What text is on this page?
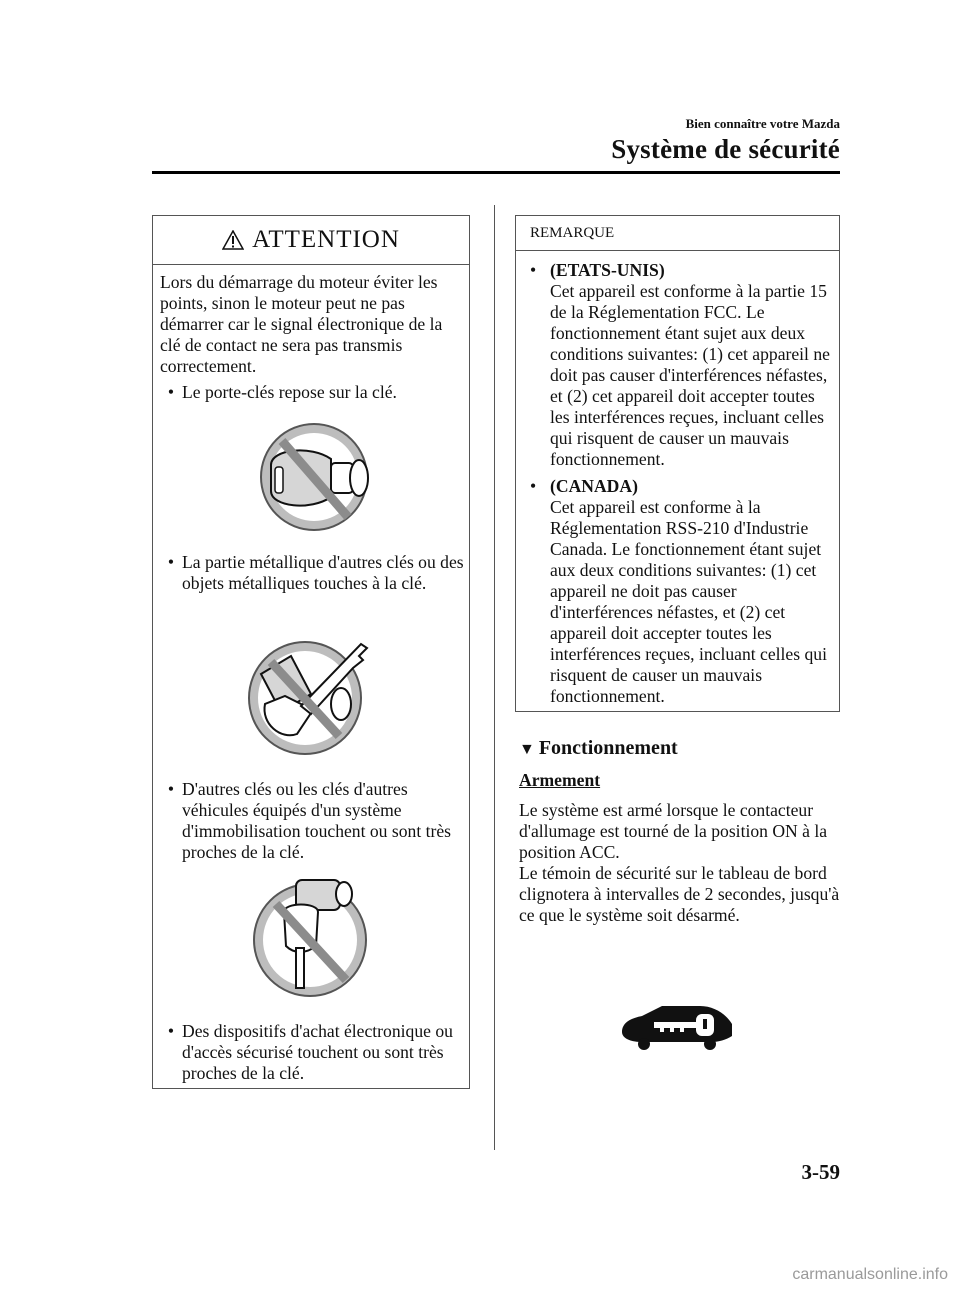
Bien connaître votre Mazda
Système de sécurité
ATTENTION

Lors du démarrage du moteur éviter les points, sinon le moteur peut ne pas démarrer car le signal électronique de la clé de contact ne sera pas transmis correctement.

• Le porte-clés repose sur la clé.
• La partie métallique d'autres clés ou des objets métalliques touches à la clé.
• D'autres clés ou les clés d'autres véhicules équipés d'un système d'immobilisation touchent ou sont très proches de la clé.
• Des dispositifs d'achat électronique ou d'accès sécurisé touchent ou sont très proches de la clé.
REMARQUE
• (ETATS-UNIS)
Cet appareil est conforme à la partie 15 de la Réglementation FCC. Le fonctionnement étant sujet aux deux conditions suivantes: (1) cet appareil ne doit pas causer d'interférences néfastes, et (2) cet appareil doit accepter toutes les interférences reçues, incluant celles qui risquent de causer un mauvais fonctionnement.
• (CANADA)
Cet appareil est conforme à la Réglementation RSS-210 d'Industrie Canada. Le fonctionnement étant sujet aux deux conditions suivantes: (1) cet appareil ne doit pas causer d'interférences néfastes, et (2) cet appareil doit accepter toutes les interférences reçues, incluant celles qui risquent de causer un mauvais fonctionnement.
▼ Fonctionnement
Armement
Le système est armé lorsque le contacteur d'allumage est tourné de la position ON à la position ACC.
Le témoin de sécurité sur le tableau de bord clignotera à intervalles de 2 secondes, jusqu'à ce que le système soit désarmé.
3-59
carmanualsonline.info
